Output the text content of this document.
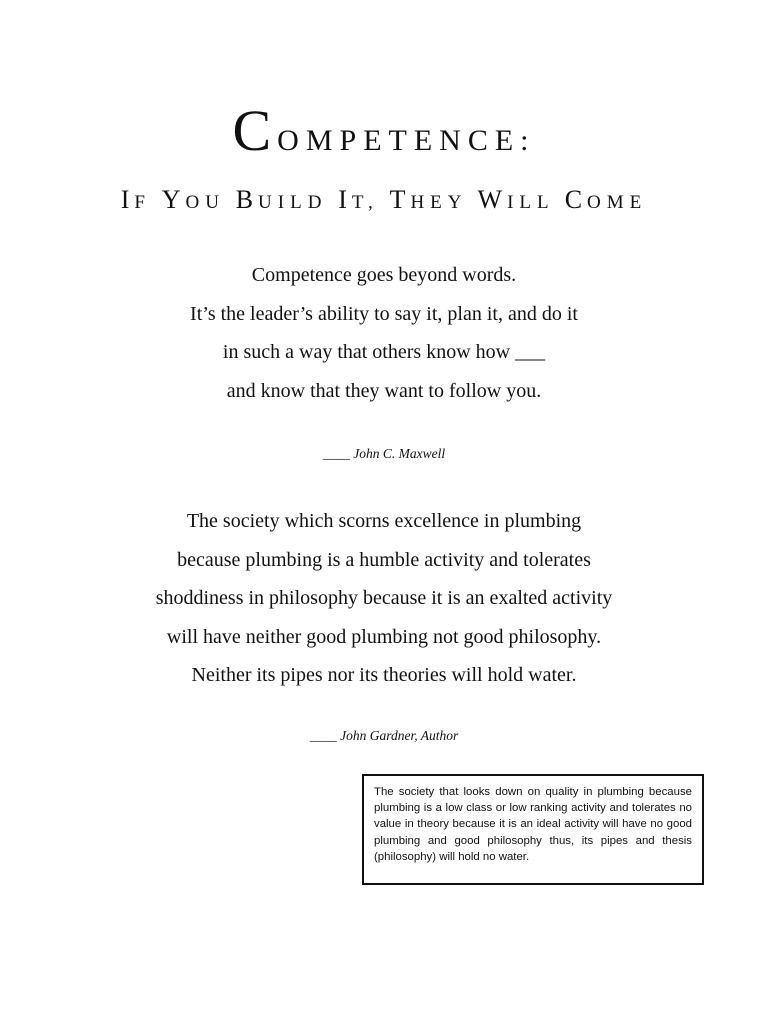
COMPETENCE:
IF YOU BUILD IT, THEY WILL COME
Competence goes beyond words.
It’s the leader’s ability to say it, plan it, and do it
in such a way that others know how ___
and know that they want to follow you.
____ John C. Maxwell
The society which scorns excellence in plumbing
because plumbing is a humble activity and tolerates
shoddiness in philosophy because it is an exalted activity
will have neither good plumbing not good philosophy.
Neither its pipes nor its theories will hold water.
____ John Gardner, Author
The society that looks down on quality in plumbing because plumbing is a low class or low ranking activity and tolerates no value in theory because it is an ideal activity will have no good plumbing and good philosophy thus, its pipes and thesis (philosophy) will hold no water.
